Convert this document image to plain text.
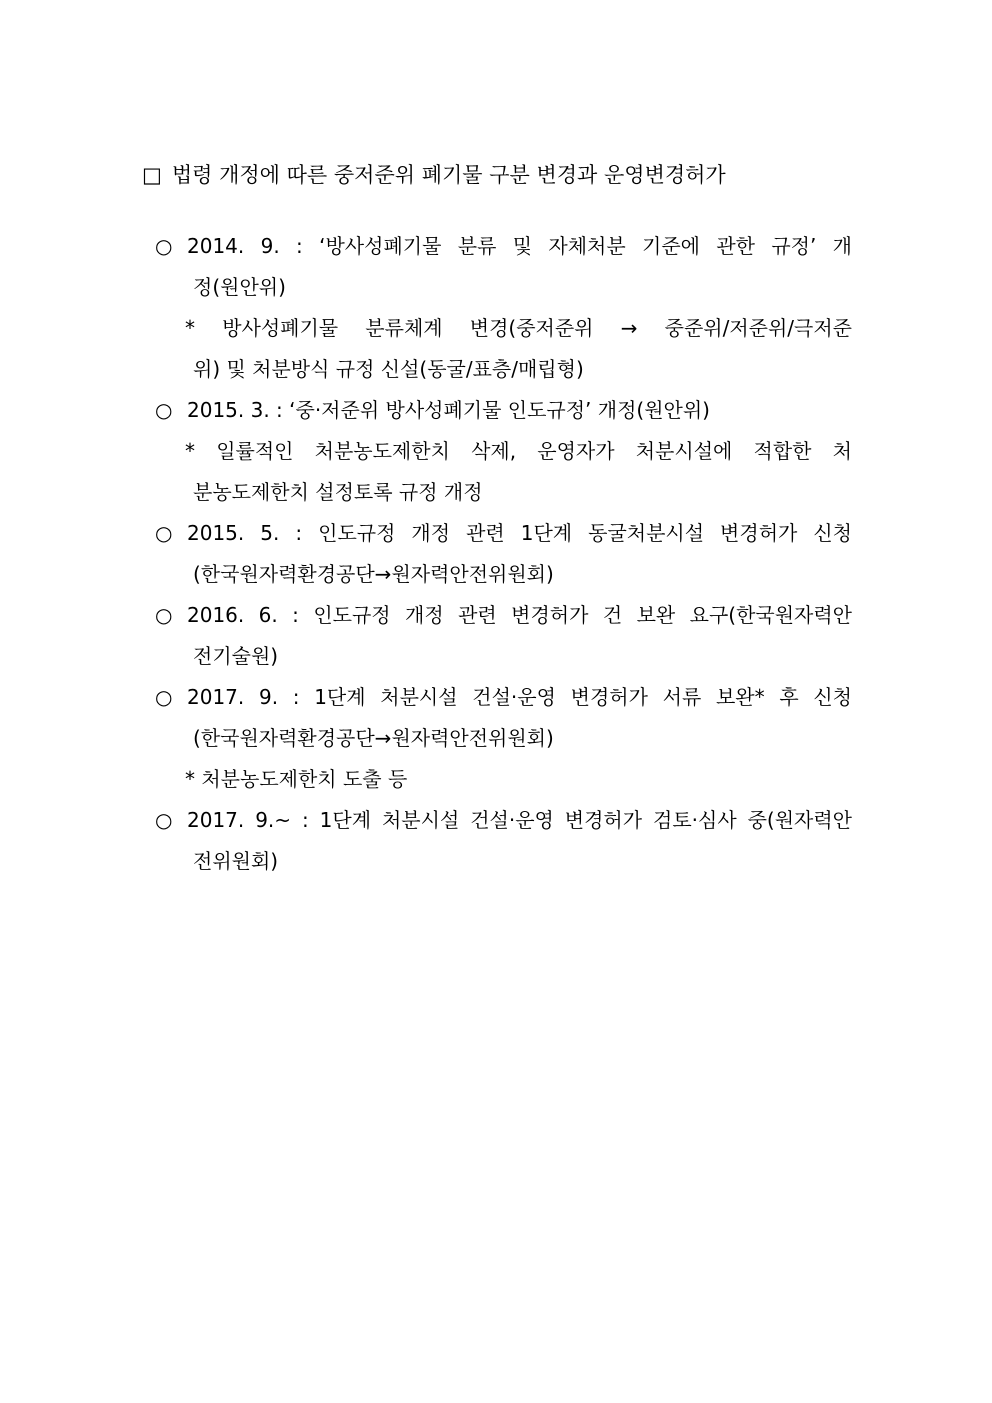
□ 법령 개정에 따른 중저준위 폐기물 구분 변경과 운영변경허가
○ 2014. 9. : ‘방사성폐기물 분류 및 자체처분 기준에 관한 규정’ 개
정(원안위)
* 방사성폐기물 분류체계 변경(중저준위 → 중준위/저준위/극저준
위) 및 처분방식 규정 신설(동굴/표층/매립형)
○ 2015. 3. : ‘중·저준위 방사성폐기물 인도규정’ 개정(원안위)
* 일률적인 처분농도제한치 삭제, 운영자가 처분시설에 적합한 처
분농도제한치 설정토록 규정 개정
○ 2015. 5. : 인도규정 개정 관련 1단계 동굴처분시설 변경허가 신청
(한국원자력환경공단→원자력안전위원회)
○ 2016. 6. : 인도규정 개정 관련 변경허가 건 보완 요구(한국원자력안
전기술원)
○ 2017. 9. : 1단계 처분시설 건설·운영 변경허가 서류 보완* 후 신청
(한국원자력환경공단→원자력안전위원회)
* 처분농도제한치 도출 등
○ 2017. 9.~ : 1단계 처분시설 건설·운영 변경허가 검토·심사 중(원자력안
전위원회)
